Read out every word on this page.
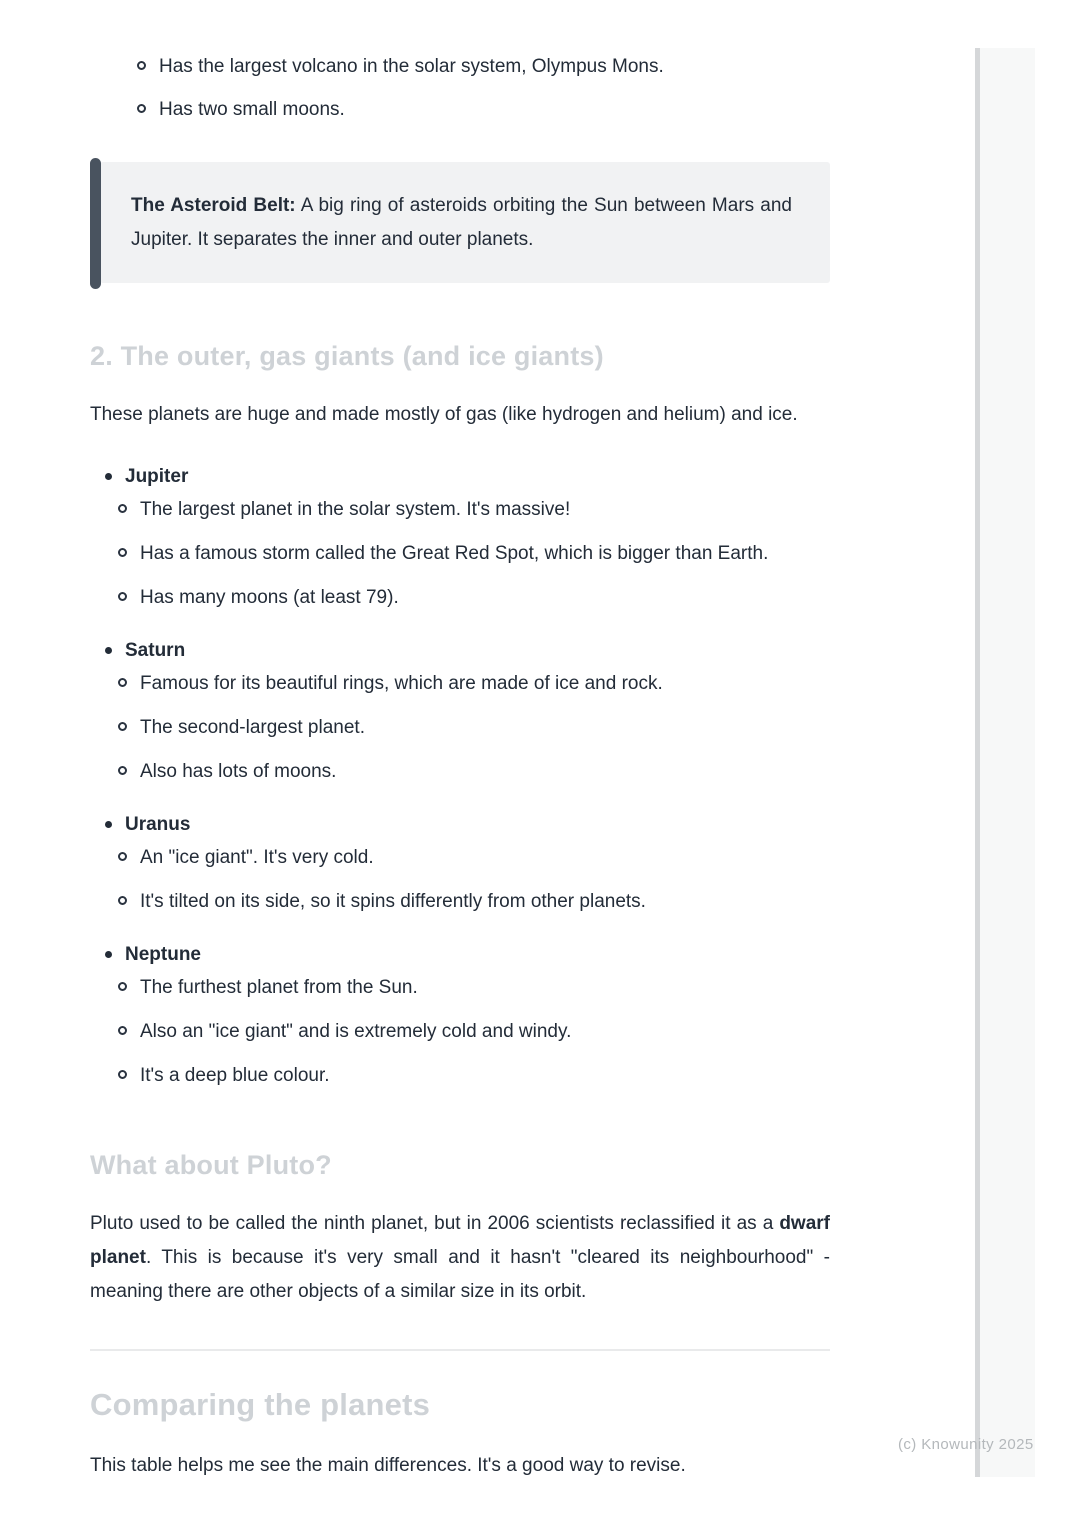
Has the largest volcano in the solar system, Olympus Mons.
Has two small moons.

The Asteroid Belt: A big ring of asteroids orbiting the Sun between Mars and Jupiter. It separates the inner and outer planets.

2. The outer, gas giants (and ice giants)

These planets are huge and made mostly of gas (like hydrogen and helium) and ice.

Jupiter
The largest planet in the solar system. It's massive!
Has a famous storm called the Great Red Spot, which is bigger than Earth.
Has many moons (at least 79).
Saturn
Famous for its beautiful rings, which are made of ice and rock.
The second-largest planet.
Also has lots of moons.
Uranus
An "ice giant". It's very cold.
It's tilted on its side, so it spins differently from other planets.
Neptune
The furthest planet from the Sun.
Also an "ice giant" and is extremely cold and windy.
It's a deep blue colour.
What about Pluto?

Pluto used to be called the ninth planet, but in 2006 scientists reclassified it as a dwarf planet. This is because it's very small and it hasn't "cleared its neighbourhood" - meaning there are other objects of a similar size in its orbit.

Comparing the planets

This table helps me see the main differences. It's a good way to revise.

(c) Knowunity 2025
